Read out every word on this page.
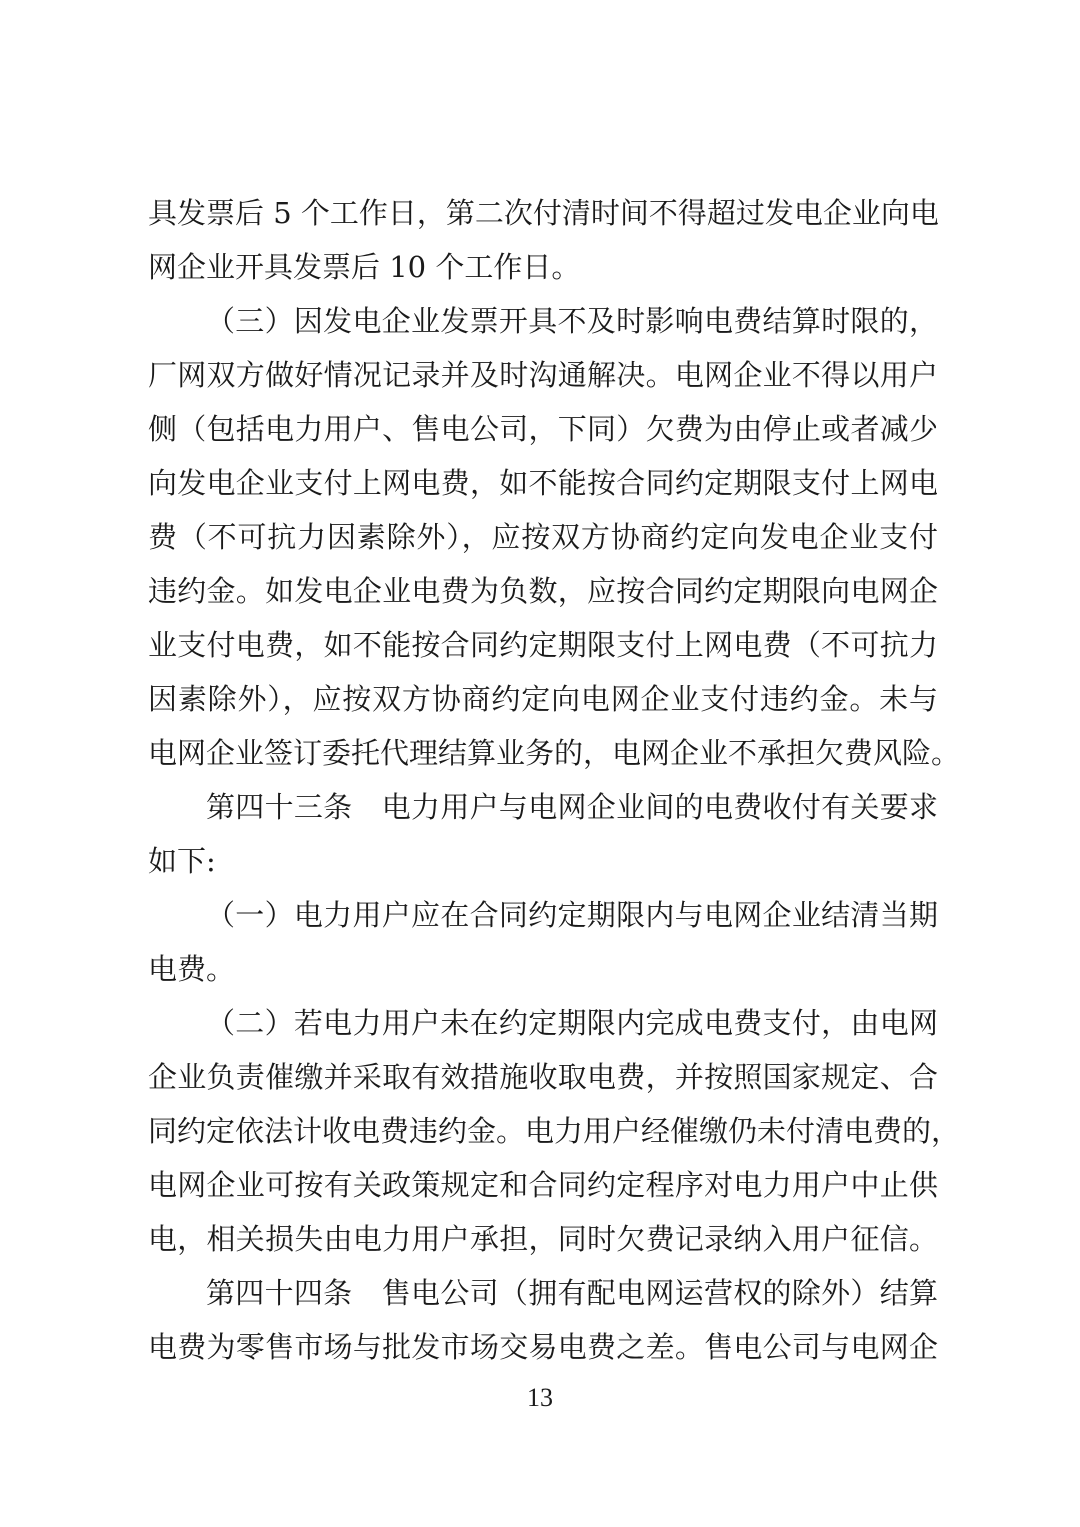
具发票后 5 个工作日，第二次付清时间不得超过发电企业向电
网企业开具发票后 10 个工作日。
（三）因发电企业发票开具不及时影响电费结算时限的，
厂网双方做好情况记录并及时沟通解决。电网企业不得以用户
侧（包括电力用户、售电公司，下同）欠费为由停止或者减少
向发电企业支付上网电费，如不能按合同约定期限支付上网电
费（不可抗力因素除外），应按双方协商约定向发电企业支付
违约金。如发电企业电费为负数，应按合同约定期限向电网企
业支付电费，如不能按合同约定期限支付上网电费（不可抗力
因素除外），应按双方协商约定向电网企业支付违约金。未与
电网企业签订委托代理结算业务的，电网企业不承担欠费风险。
第四十三条　电力用户与电网企业间的电费收付有关要求
如下:
（一）电力用户应在合同约定期限内与电网企业结清当期
电费。
（二）若电力用户未在约定期限内完成电费支付，由电网
企业负责催缴并采取有效措施收取电费，并按照国家规定、合
同约定依法计收电费违约金。电力用户经催缴仍未付清电费的，
电网企业可按有关政策规定和合同约定程序对电力用户中止供
电，相关损失由电力用户承担，同时欠费记录纳入用户征信。
第四十四条　售电公司（拥有配电网运营权的除外）结算
电费为零售市场与批发市场交易电费之差。售电公司与电网企
13
